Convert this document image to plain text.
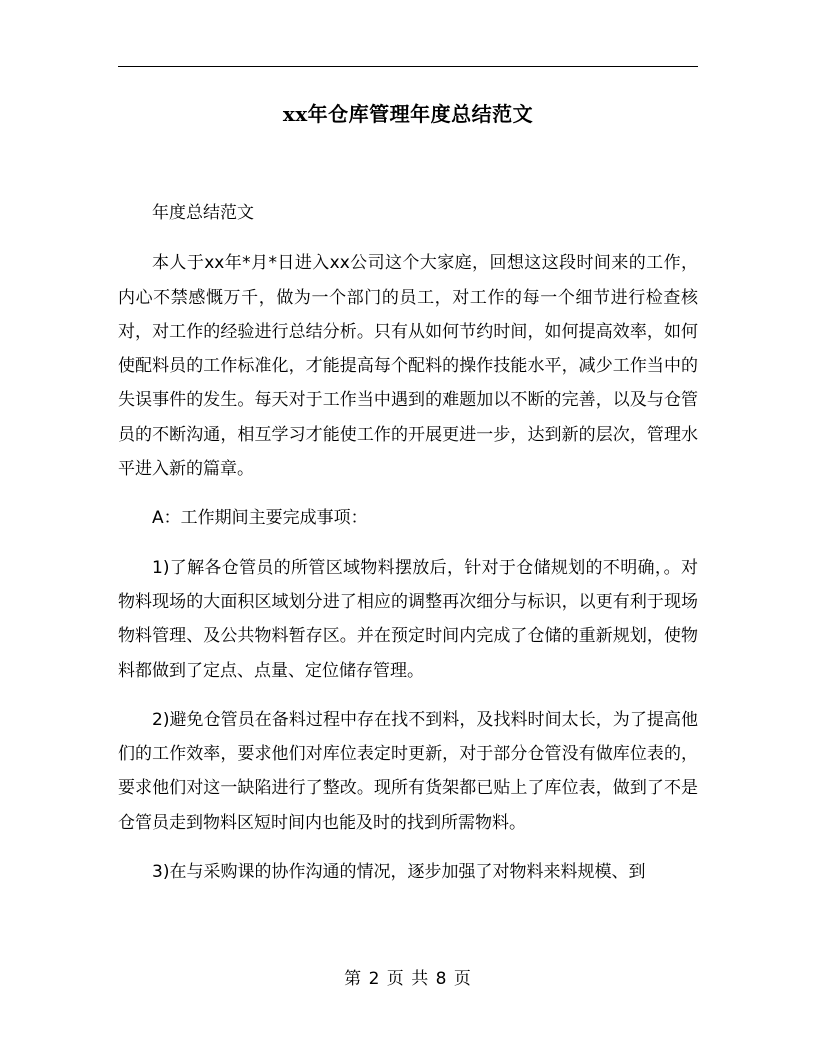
xx年仓库管理年度总结范文

年度总结范文

本人于xx年*月*日进入xx公司这个大家庭，回想这这段时间来的工作，内心不禁感慨万千，做为一个部门的员工，对工作的每一个细节进行检查核对，对工作的经验进行总结分析。只有从如何节约时间，如何提高效率，如何使配料员的工作标准化，才能提高每个配料的操作技能水平，减少工作当中的失误事件的发生。每天对于工作当中遇到的难题加以不断的完善，以及与仓管员的不断沟通，相互学习才能使工作的开展更进一步，达到新的层次，管理水平进入新的篇章。

A：工作期间主要完成事项：

1)了解各仓管员的所管区域物料摆放后，针对于仓储规划的不明确，。对物料现场的大面积区域划分进了相应的调整再次细分与标识，以更有利于现场物料管理、及公共物料暂存区。并在预定时间内完成了仓储的重新规划，使物料都做到了定点、点量、定位储存管理。

2)避免仓管员在备料过程中存在找不到料，及找料时间太长，为了提高他们的工作效率，要求他们对库位表定时更新，对于部分仓管没有做库位表的，要求他们对这一缺陷进行了整改。现所有货架都已贴上了库位表，做到了不是仓管员走到物料区短时间内也能及时的找到所需物料。

3)在与采购课的协作沟通的情况，逐步加强了对物料来料规模、到

第 2 页 共 8 页
